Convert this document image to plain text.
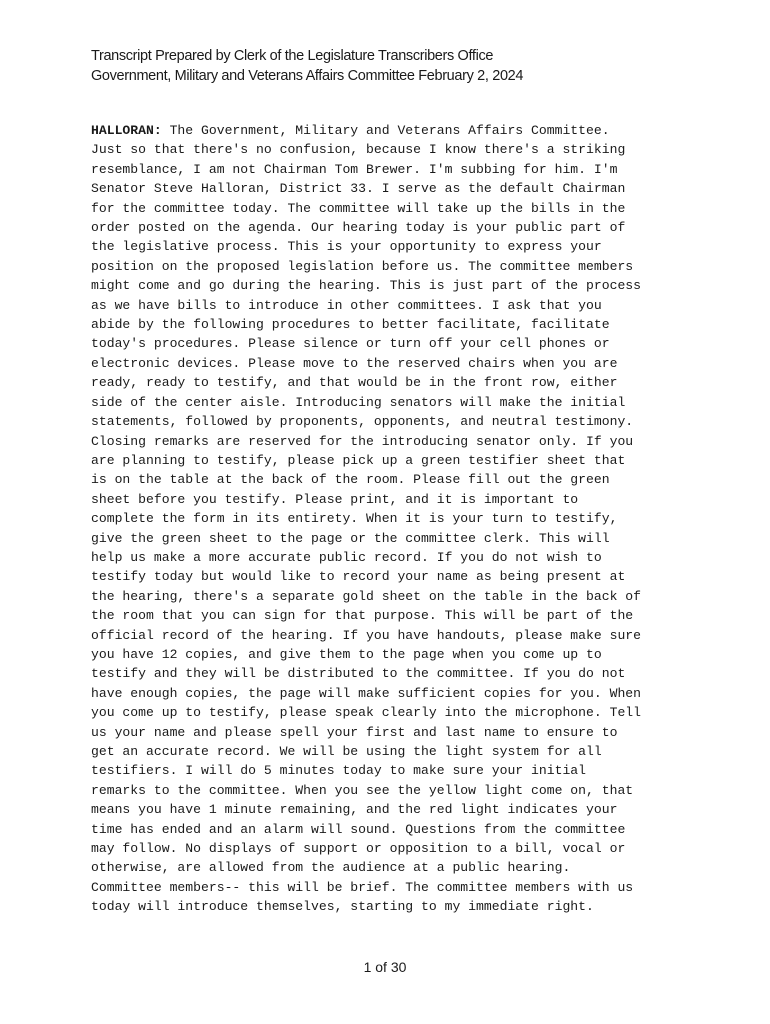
Transcript Prepared by Clerk of the Legislature Transcribers Office
Government, Military and Veterans Affairs Committee February 2, 2024
HALLORAN: The Government, Military and Veterans Affairs Committee.
Just so that there's no confusion, because I know there's a striking
resemblance, I am not Chairman Tom Brewer. I'm subbing for him. I'm
Senator Steve Halloran, District 33. I serve as the default Chairman
for the committee today. The committee will take up the bills in the
order posted on the agenda. Our hearing today is your public part of
the legislative process. This is your opportunity to express your
position on the proposed legislation before us. The committee members
might come and go during the hearing. This is just part of the process
as we have bills to introduce in other committees. I ask that you
abide by the following procedures to better facilitate, facilitate
today's procedures. Please silence or turn off your cell phones or
electronic devices. Please move to the reserved chairs when you are
ready, ready to testify, and that would be in the front row, either
side of the center aisle. Introducing senators will make the initial
statements, followed by proponents, opponents, and neutral testimony.
Closing remarks are reserved for the introducing senator only. If you
are planning to testify, please pick up a green testifier sheet that
is on the table at the back of the room. Please fill out the green
sheet before you testify. Please print, and it is important to
complete the form in its entirety. When it is your turn to testify,
give the green sheet to the page or the committee clerk. This will
help us make a more accurate public record. If you do not wish to
testify today but would like to record your name as being present at
the hearing, there's a separate gold sheet on the table in the back of
the room that you can sign for that purpose. This will be part of the
official record of the hearing. If you have handouts, please make sure
you have 12 copies, and give them to the page when you come up to
testify and they will be distributed to the committee. If you do not
have enough copies, the page will make sufficient copies for you. When
you come up to testify, please speak clearly into the microphone. Tell
us your name and please spell your first and last name to ensure to
get an accurate record. We will be using the light system for all
testifiers. I will do 5 minutes today to make sure your initial
remarks to the committee. When you see the yellow light come on, that
means you have 1 minute remaining, and the red light indicates your
time has ended and an alarm will sound. Questions from the committee
may follow. No displays of support or opposition to a bill, vocal or
otherwise, are allowed from the audience at a public hearing.
Committee members-- this will be brief. The committee members with us
today will introduce themselves, starting to my immediate right.
1 of 30
